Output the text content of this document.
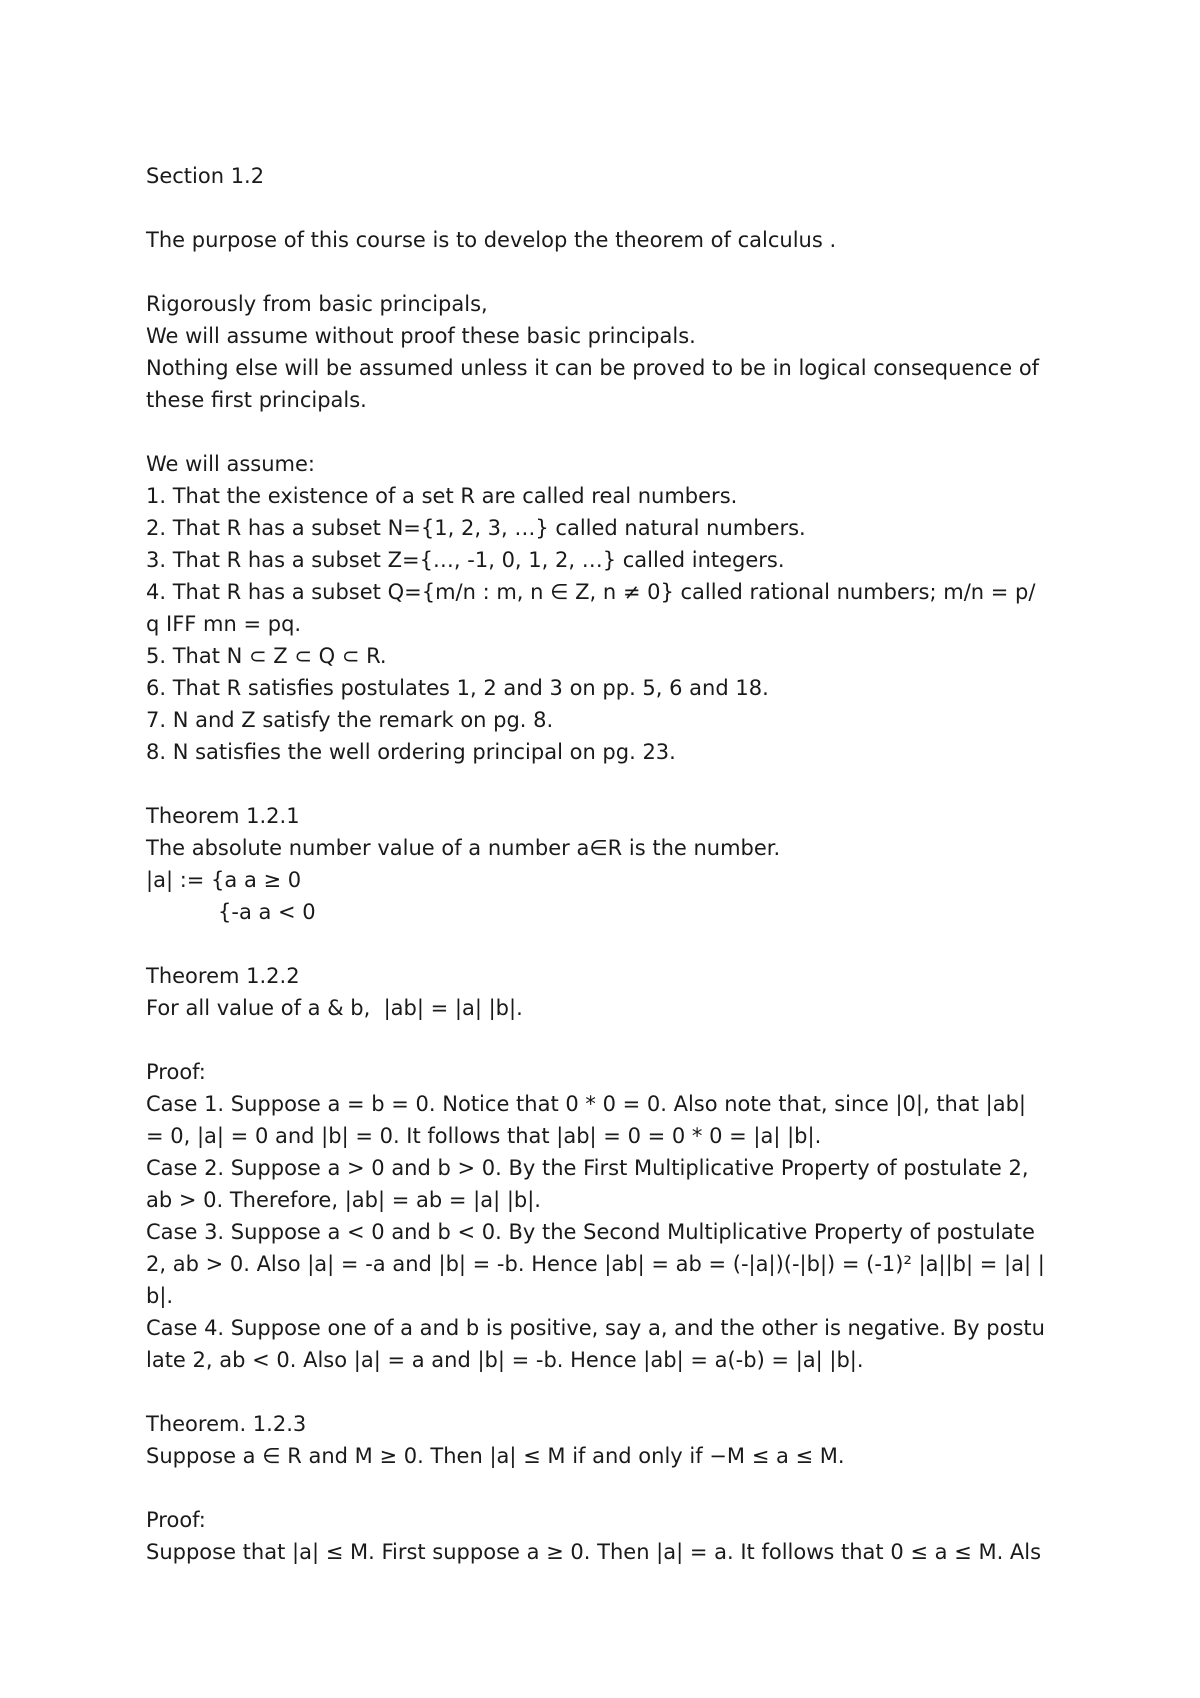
Section 1.2
The purpose of this course is to develop the theorem of calculus .
Rigorously from basic principals,
We will assume without proof these basic principals.
Nothing else will be assumed unless it can be proved to be in logical consequence of
these first principals.
We will assume:
1. That the existence of a set R are called real numbers.
2. That R has a subset N={1, 2, 3, …} called natural numbers.
3. That R has a subset Z={…, -1, 0, 1, 2, …} called integers.
4. That R has a subset Q={m/n : m, n ∈ Z, n ≠ 0} called rational numbers; m/n = p/
q IFF mn = pq.
5. That N ⊂ Z ⊂ Q ⊂ R.
6. That R satisfies postulates 1, 2 and 3 on pp. 5, 6 and 18.
7. N and Z satisfy the remark on pg. 8.
8. N satisfies the well ordering principal on pg. 23.
Theorem 1.2.1
The absolute number value of a number a∈R is the number.
|a| := {a a ≥ 0
{-a a < 0
Theorem 1.2.2
For all value of a & b,  |ab| = |a| |b|.
Proof:
Case 1. Suppose a = b = 0. Notice that 0 * 0 = 0. Also note that, since |0|, that |ab|
= 0, |a| = 0 and |b| = 0. It follows that |ab| = 0 = 0 * 0 = |a| |b|.
Case 2. Suppose a > 0 and b > 0. By the First Multiplicative Property of postulate 2,
ab > 0. Therefore, |ab| = ab = |a| |b|.
Case 3. Suppose a < 0 and b < 0. By the Second Multiplicative Property of postulate
2, ab > 0. Also |a| = -a and |b| = -b. Hence |ab| = ab = (-|a|)(-|b|) = (-1)² |a||b| = |a| |
b|.
Case 4. Suppose one of a and b is positive, say a, and the other is negative. By postu
late 2, ab < 0. Also |a| = a and |b| = -b. Hence |ab| = a(-b) = |a| |b|.
Theorem. 1.2.3
Suppose a ∈ R and M ≥ 0. Then |a| ≤ M if and only if −M ≤ a ≤ M.
Proof:
Suppose that |a| ≤ M. First suppose a ≥ 0. Then |a| = a. It follows that 0 ≤ a ≤ M. Als
